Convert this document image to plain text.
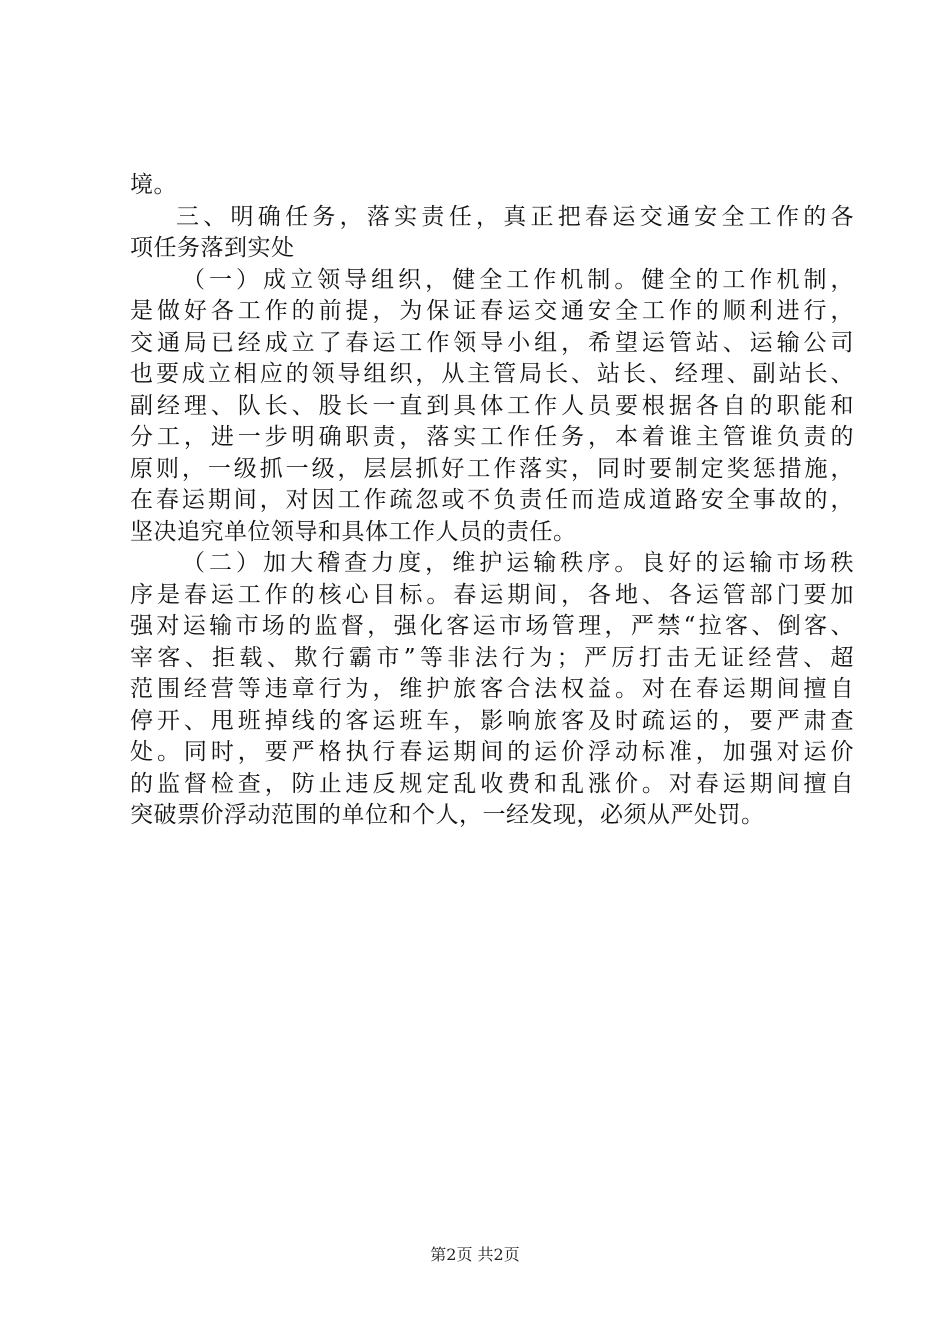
境。
三、明确任务，落实责任，真正把春运交通安全工作的各
项任务落到实处
（一）成立领导组织，健全工作机制。健全的工作机制，
是做好各工作的前提，为保证春运交通安全工作的顺利进行，
交通局已经成立了春运工作领导小组，希望运管站、运输公司
也要成立相应的领导组织，从主管局长、站长、经理、副站长、
副经理、队长、股长一直到具体工作人员要根据各自的职能和
分工，进一步明确职责，落实工作任务，本着谁主管谁负责的
原则，一级抓一级，层层抓好工作落实，同时要制定奖惩措施，
在春运期间，对因工作疏忽或不负责任而造成道路安全事故的，
坚决追究单位领导和具体工作人员的责任。
（二）加大稽查力度，维护运输秩序。良好的运输市场秩
序是春运工作的核心目标。春运期间，各地、各运管部门要加
强对运输市场的监督，强化客运市场管理，严禁“拉客、倒客、
宰客、拒载、欺行霸市”等非法行为；严厉打击无证经营、超
范围经营等违章行为，维护旅客合法权益。对在春运期间擅自
停开、甩班掉线的客运班车，影响旅客及时疏运的，要严肃查
处。同时，要严格执行春运期间的运价浮动标准，加强对运价
的监督检查，防止违反规定乱收费和乱涨价。对春运期间擅自
突破票价浮动范围的单位和个人，一经发现，必须从严处罚。
第2页 共2页
